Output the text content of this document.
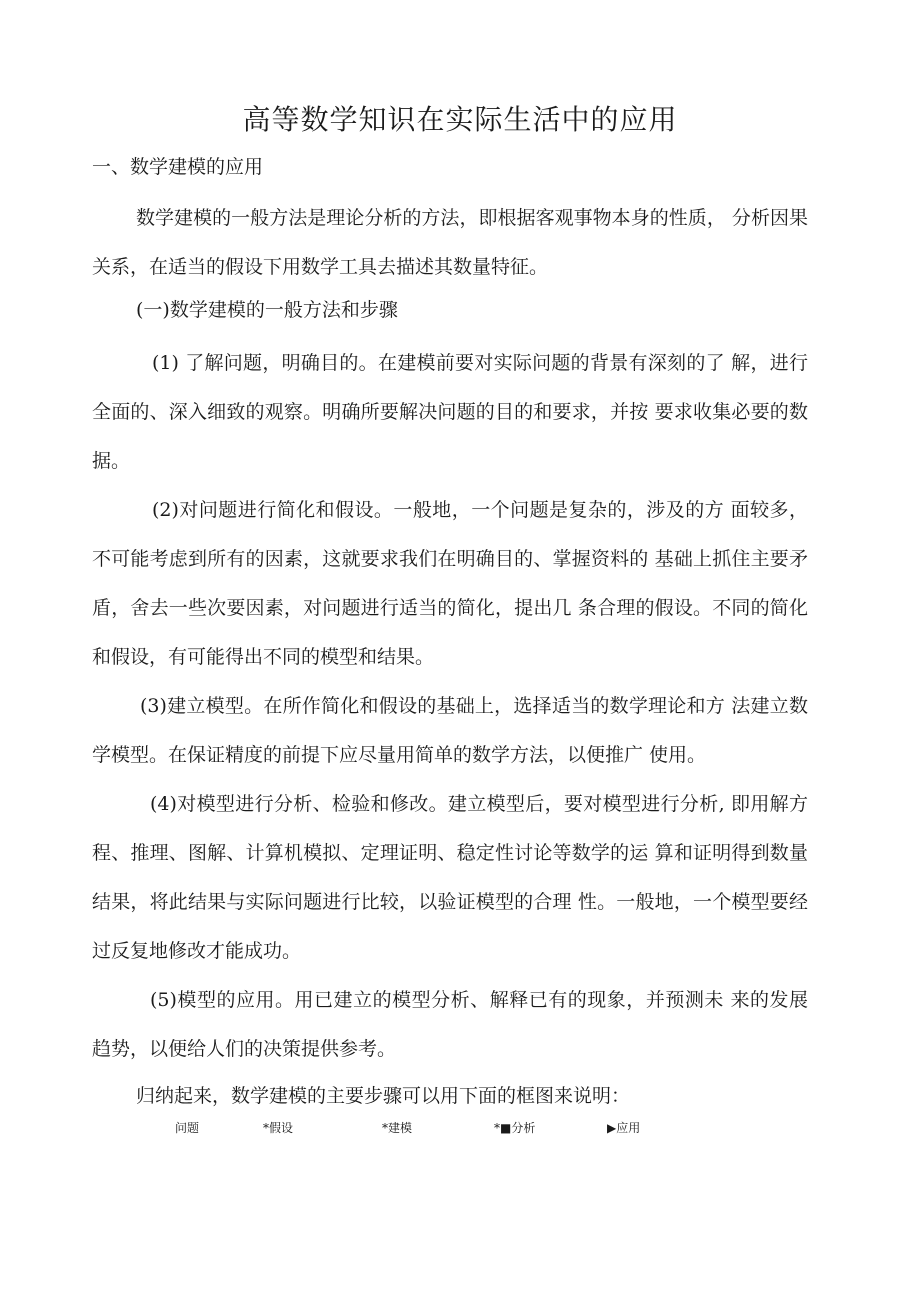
高等数学知识在实际生活中的应用
一、数学建模的应用

数学建模的一般方法是理论分析的方法，即根据客观事物本身的性质， 分析因果关系，在适当的假设下用数学工具去描述其数量特征。

(一)数学建模的一般方法和步骤

(1) 了解问题，明确目的。在建模前要对实际问题的背景有深刻的了 解，进行全面的、深入细致的观察。明确所要解决问题的目的和要求，并按 要求收集必要的数据。

(2)对问题进行简化和假设。一般地，一个问题是复杂的，涉及的方 面较多，不可能考虑到所有的因素，这就要求我们在明确目的、掌握资料的 基础上抓住主要矛盾，舍去一些次要因素，对问题进行适当的简化，提出几 条合理的假设。不同的简化和假设，有可能得出不同的模型和结果。

(3)建立模型。在所作简化和假设的基础上，选择适当的数学理论和方 法建立数学模型。在保证精度的前提下应尽量用简单的数学方法，以便推广 使用。

(4)对模型进行分析、检验和修改。建立模型后，要对模型进行分析, 即用解方程、推理、图解、计算机模拟、定理证明、稳定性讨论等数学的运 算和证明得到数量结果，将此结果与实际问题进行比较，以验证模型的合理 性。一般地，一个模型要经过反复地修改才能成功。

(5)模型的应用。用已建立的模型分析、解释已有的现象，并预测未 来的发展趋势，以便给人们的决策提供参考。

归纳起来，数学建模的主要步骤可以用下面的框图来说明：

问题	*假设	*建模	*■分析	▶应用
